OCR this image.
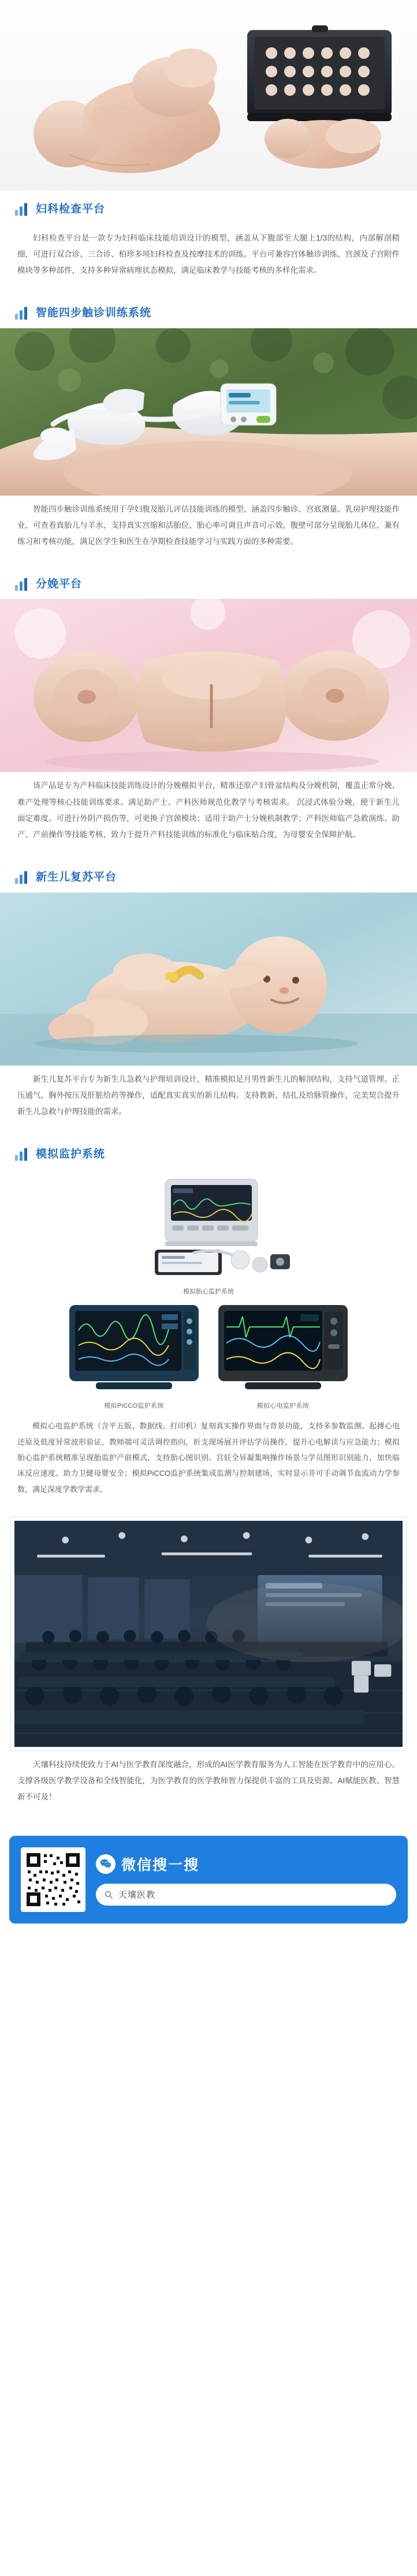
妇科检查平台
妇科检查平台是一款专为妇科临床技能培训设计的模型，涵盖从下腹部至大腿上1/3的结构，内部解剖精细，可进行双合诊、三合诊、柏珍多项妇科检查及按摩技术的训练。平台可兼容宫体触诊训练、宫颈及子宫附件模块等多种部件，支持多种异常病理状态模拟，满足临床教学与技能考核的多样化需求。
智能四步触诊训练系统
智能四步触诊训练系统用于孕妇腹及胎儿评估技能训练的模型，涵盖四步触诊、宫底测量、乳房护理技能作业，可查看真胎儿与羊水，支持真实宫缩和活胎位，胎心率可调且声音可示效。腹壁可部分呈现胎儿体位，兼有练习和考核功能，满足医学生和医生在孕期检查技能学习与实践方面的多种需要。
分娩平台
该产品是专为产科临床技能训练设计的分娩模拟平台，精准还原产妇骨盆结构及分娩机制，覆盖正常分娩、难产处理等核心技能训练要求。满足助产士、产科医师规范化教学与考核需求。 沉浸式体验分娩，便于新生儿面定难度。可进行外阴产损伤等，可更换子宫颈模块；适用于助产士分娩机制教学；产科医师临产急救演练、助产、产前操作等技能考核，致力于提升产科技能训练的标准化与临床贴合度，为母婴安全保障护航。
新生儿复苏平台
新生儿复苏平台专为新生儿急救与护理培训设计，精准模拟足月男性新生儿的解剖结构，支持气道管理、正压通气、胸外按压及肝脏给药等操作，适配真实真实的新儿结构。支持教新、结扎及给脉管操作，完美契合提升新生儿急救与护理技能的需求。
模拟监护系统
模拟胎心监护系统
模拟PiCCO监护系统	模拟心电监护系统
模拟心电监护系统（含平五版、数据线、打印机）复刻真实操作界面与背景功能，支持多参数监测、起搏心电还原及低度异常波形验证，教师端可灵活调控指向，折支现场展开评估学员操作，提升心电解读与应急能力；模拟胎心监护系统精准呈现胎监护产前模式，支持胎心图识别、宫妊全异凝集响操作场景与学员图形识别能力，加快临床反应速度。助力卫健母婴安全；模拟PiCCO监护系统集成监测与控制建场，实时显示并可手动调节血流动力学参数，满足深度学教学需求。
天壤科技持续使致力于AI与医学教育深度融合，形成的AI医学教育服务为人工智能在医学教育中的应用心。支撑各级医学教学设备和全线智能化，为医学教育的医学教师智力保提供丰富的工具及资源。AI赋能医教、智慧新不可及！
微信搜一搜
天壤医教
